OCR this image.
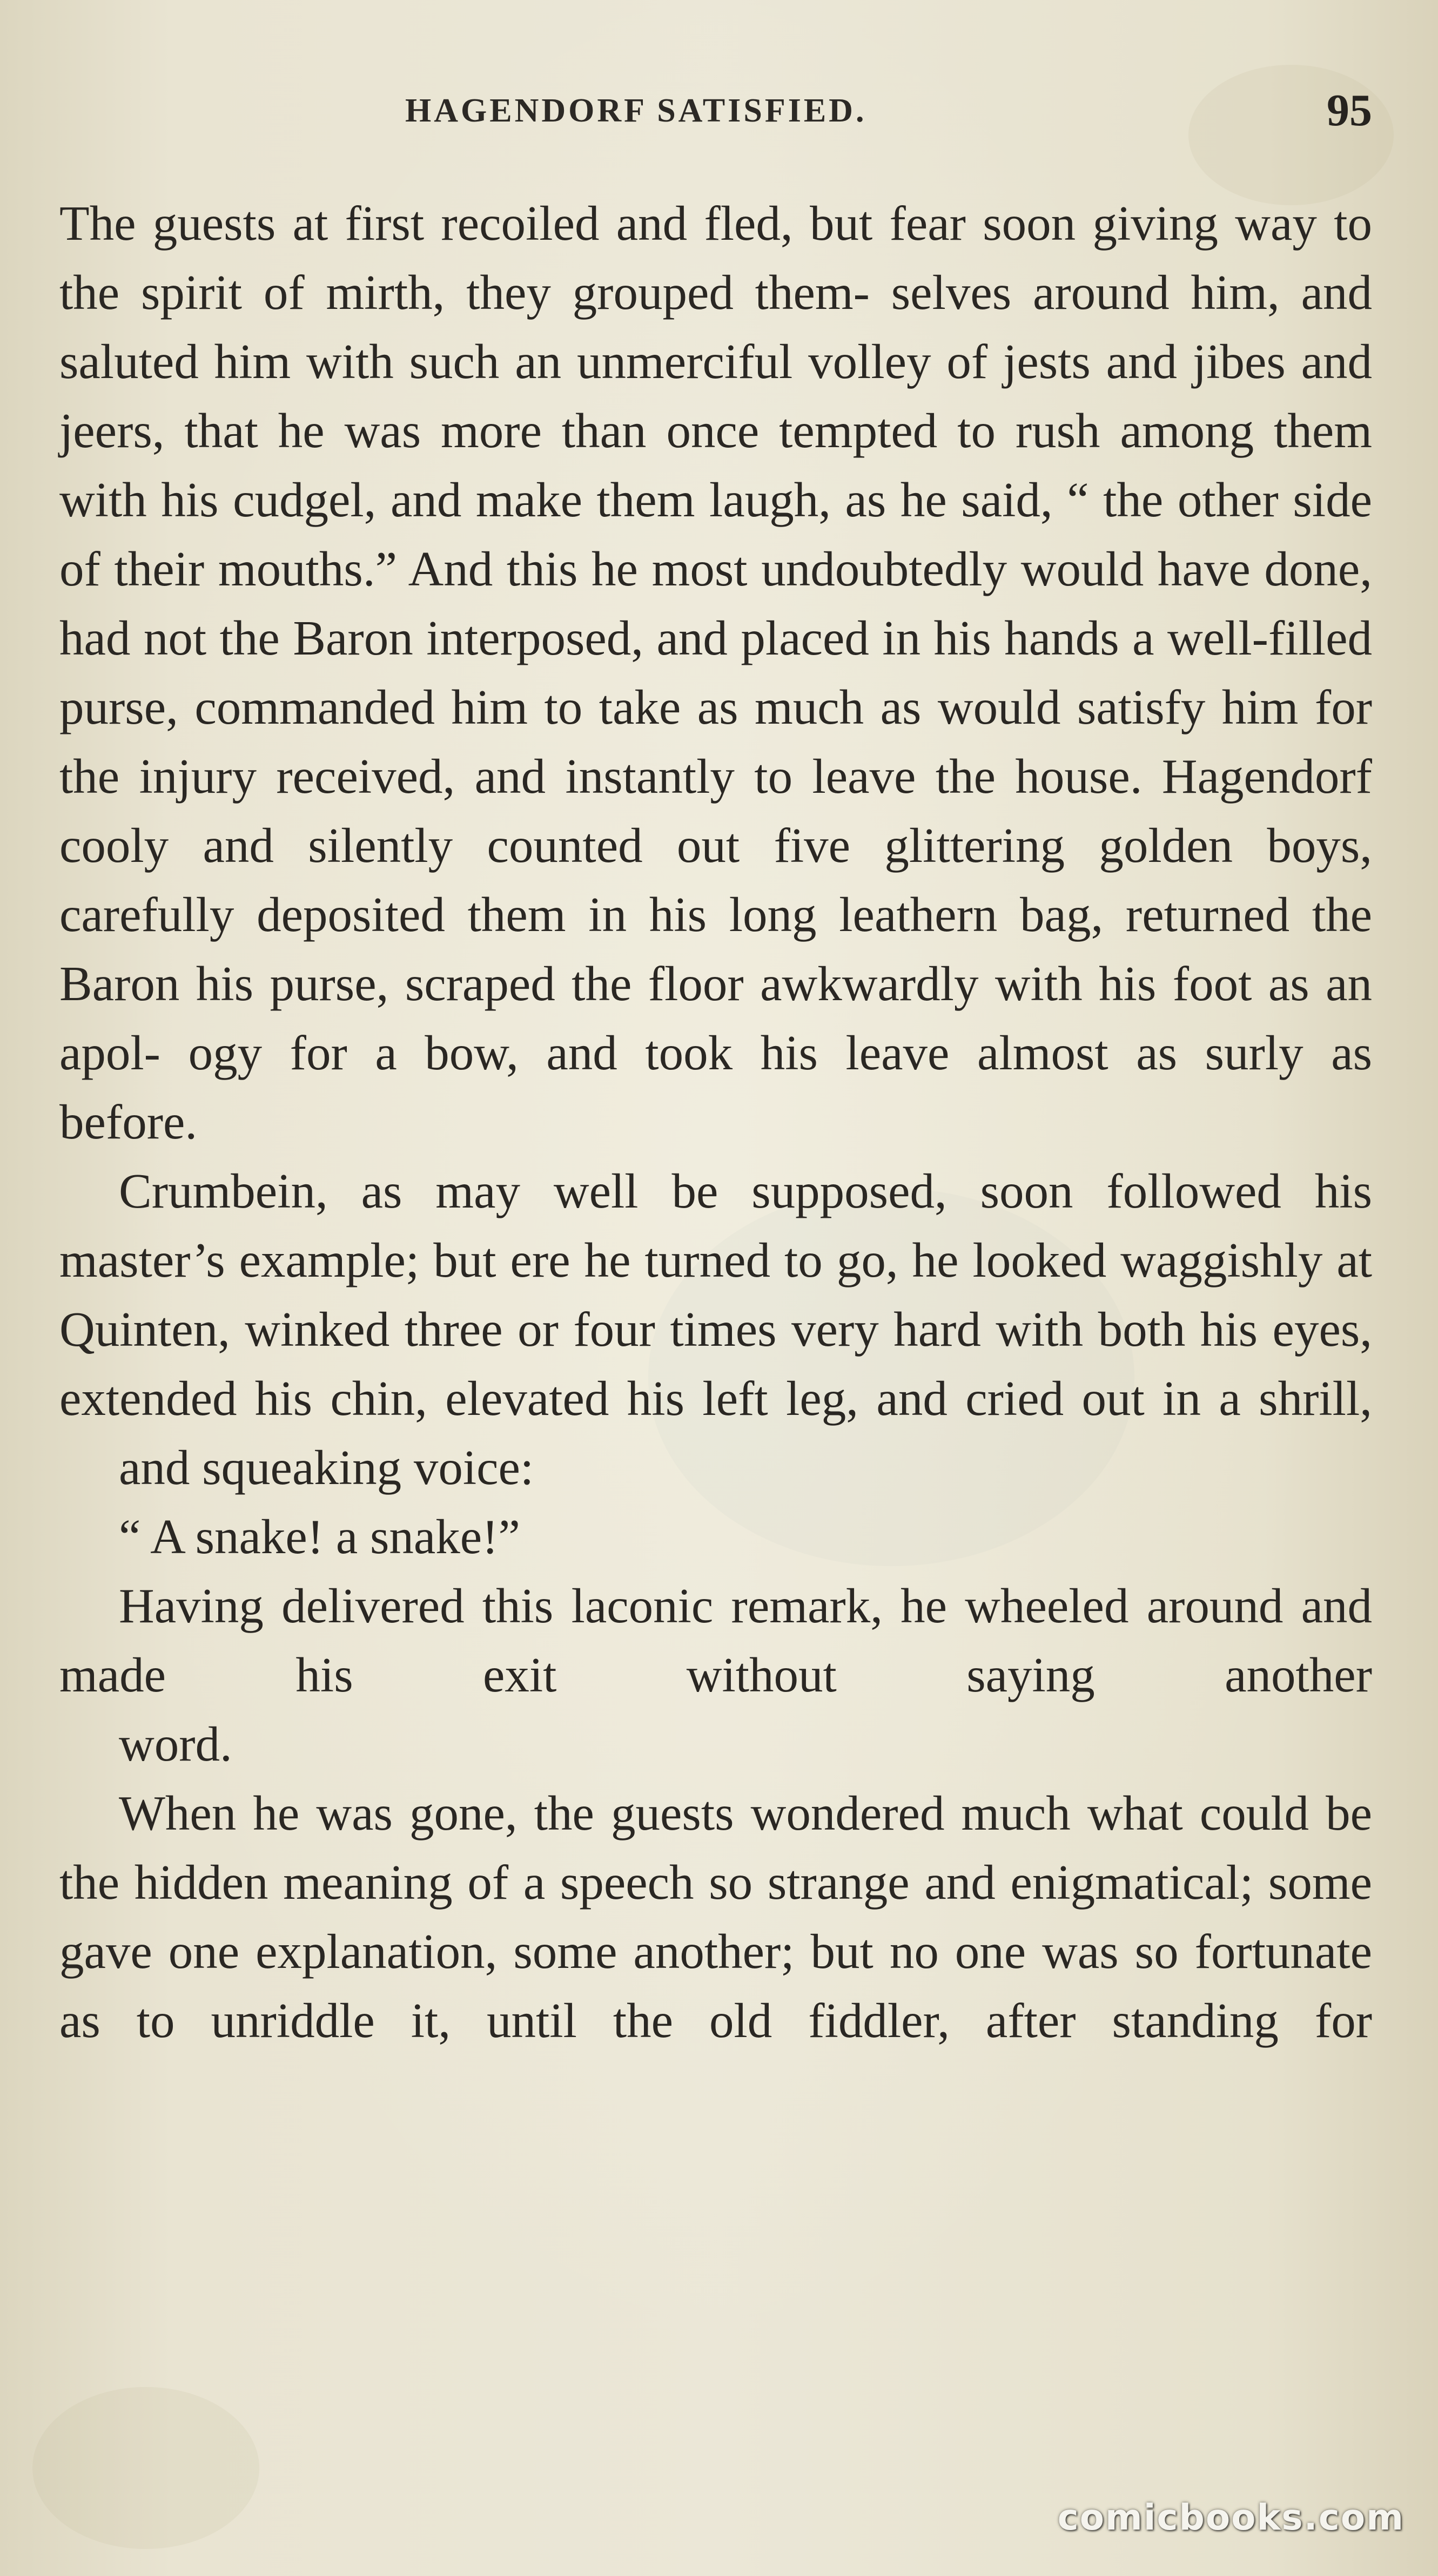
HAGENDORF SATISFIED.	95

The guests at first recoiled and fled, but fear soon giving way to the spirit of mirth, they grouped them- selves around him, and saluted him with such an unmerciful volley of jests and jibes and jeers, that he was more than once tempted to rush among them with his cudgel, and make them laugh, as he said, “ the other side of their mouths.” And this he most undoubtedly would have done, had not the Baron interposed, and placed in his hands a well-filled purse, commanded him to take as much as would satisfy him for the injury received, and instantly to leave the house. Hagendorf cooly and silently counted out five glittering golden boys, carefully deposited them in his long leathern bag, returned the Baron his purse, scraped the floor awkwardly with his foot as an apol- ogy for a bow, and took his leave almost as surly as
before.

Crumbein, as may well be supposed, soon followed his master’s example; but ere he turned to go, he looked waggishly at Quinten, winked three or four times very hard with both his eyes, extended his chin, elevated his left leg, and cried out in a shrill,
and squeaking voice:

“ A snake! a snake!”

Having delivered this laconic remark, he wheeled around and made his exit without saying another
word.

When he was gone, the guests wondered much what could be the hidden meaning of a speech so strange and enigmatical; some gave one explanation, some another; but no one was so fortunate as to unriddle it, until the old fiddler, after standing for

comicbooks.com
